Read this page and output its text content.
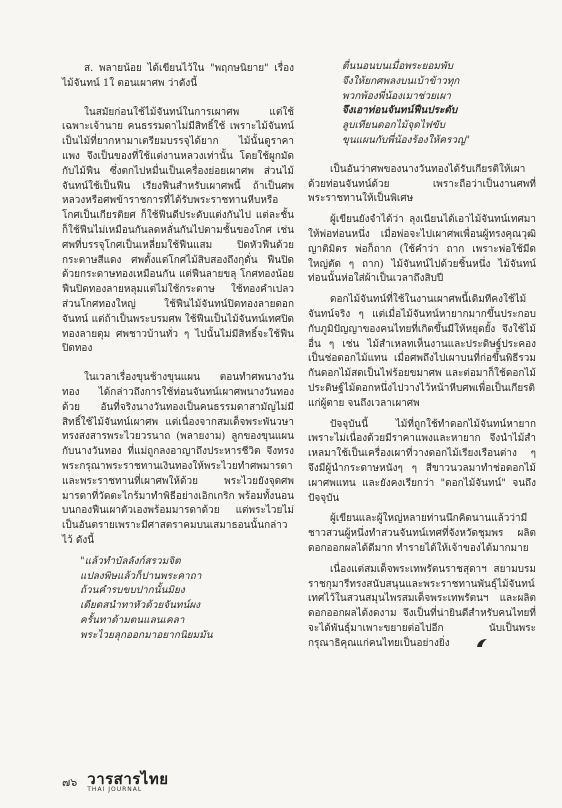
ส. พลายน้อย ได้เขียนไว้ใน "พฤกษนิยาย" เรื่อง ไม้จันทน์ 1ใ ตอนเผาศพ ว่าดังนี้

ในสมัยก่อนใช้ไม้จันทน์ในการเผาศพ แต่ใช้เฉพาะเจ้านาย คนธรรมดาไม่มีสิทธิ์ใช้ เพราะไม้จันทน์เป็นไม้ที่ยากหามาเตรียมบรรจุได้ยาก ไม้นั้นดูราคาแพง จึงเป็นของที่ใช้แต่งานหลวงเท่านั้น โดยใช้ผูกมัดกับไม้ฟืน ซึ่งตกไปหมื่นเป็นเครื่องย่อยเผาศพ ส่วนไม้จันทน์ใช้เป็นฟืน เรียงฟืนสำหรับเผาศพนี้ ถ้าเป็นศพหลวงหรือศพข้าราชการที่ได้รับพระราชทานหีบหรือโกศเป็นเกียรติยศ ก็ใช้ฟืนดีประดับแต่งกันไป แต่ละชั้นก็ใช้ฟืนไม่เหมือนกันลดหลั่นกันไปตามชั้นของโกศ เช่น ศพที่บรรจุโกศเป็นเหลี่ยมใช้ฟืนแสม ปิดหัวฟืนด้วยกระดาษสีแดง ศพตั้งแต่โกศไม้สิบสองถึงกุดั่น ฟืนปิดด้วยกระดาษทองเหมือนกัน แต่ฟืนลายขลุ โกศทองน้อย ฟืนปิดทองลายหลุมแต่ไม่ใช้กระดาษ ใช้ทองคำเปลว ส่วนโกศทองใหญ่ ใช้ฟืนไม้จันทน์ปิดทองลายดอกจันทน์ แต่ถ้าเป็นพระบรมศพ ใช้ฟืนเป็นไม้จันทน์เทศปิดทองลายดุม ศพชาวบ้านทั่ว ๆ ไปนั้นไม่มีสิทธิ์จะใช้ฟืนปิดทอง

ในเวลาเรื่องขุนช้างขุนแผน ตอนทำศพนางวันทอง ได้กล่าวถึงการใช้ท่อนจันทน์เผาศพนางวันทองด้วย อันที่จริงนางวันทองเป็นคนธรรมดาสามัญไม่มีสิทธิ์ใช้ไม้จันทน์เผาศพ แต่เนื่องจากสมเด็จพระพันวษาทรงสงสารพระไวยวรนาถ (พลายงาม) ลูกของขุนแผนกับนางวันทอง ที่แม่ถูกลงอาญาถึงประหารชีวิต จึงทรงพระกรุณาพระราชทานเงินทองให้พระไวยทำศพมารดา และพระราชทานที่เผาศพให้ด้วย พระไวยยังจุดศพมารดาที่วัดตะไกร้มาทำพิธีอย่างเอิกเกริก พร้อมทั้งนอนบนกองฟืนเผาตัวเองพร้อมมารดาด้วย แต่พระไวยไม่เป็นอันตรายเพราะมีศาสตราคมบนเสมาธอนนั้นกล่าวไว้ ดังนี้

"แล้วทำบัลลังก์สรวมจิต

แปลงพิษแล้วก็ปานพระคาถา

ถ้วนคำรบขบปากนั้นมิยง

เดียดสนำทาหัวด้วยจันทน์ผง

ครั้นทาด้ามตนแลนเคลา

พระไวยลุกออกมาอยากนิยมมัน

ตื่นนอนบนเมื่อพระยอมพับ

จึงให้ยกศพลงบนเบ้าข้าวทุก

พวกพ้องพี่น้องเมาช่วยเผา

จึงเอาท่อนจันทน์ฟืนประดับ

ลูบเทียนดอกไม้จุดไฟขับ

ขุนแผนกับพี่น้องร้องให้ครวญ"

เป็นอันว่าศพของนางวันทองได้รับเกียรติให้เผาด้วยท่อนจันทน์ด้วย เพราะถือว่าเป็นงานศพที่พระราชทานให้เป็นพิเศษ

ผู้เขียนยังจำได้ว่า ลุงเนียนได้เอาไม้จันทน์เทศมาให้พ่อท่อนหนึ่ง เมื่อพ่อจะไปเผาศพเพื่อนผู้ทรงคุณวุฒิญาติมิตร พ่อก็ถาก (ใช้คำว่า ถาก เพราะพ่อใช้มีดใหญ่ตัด ๆ ถาก) ไม้จันทน์ไปด้วยชิ้นหนึ่ง ไม้จันทน์ท่อนนั้นห่อใส่ผ้าเป็นเวลาถึงสิบปี

ดอกไม้จันทน์ที่ใช้ในงานเผาศพนี้เดิมทีคงใช้ไม้จันทน์จริง ๆ แต่เมื่อไม้จันทน์หายากมากขึ้นประกอบกับภูมิปัญญาของคนไทยที่เกิดขึ้นมีให้หยุดยั้ง จึงใช้ไม้อื่น ๆ เช่น ไม้สำเหลทเห็นงานและประดิษฐ์ประคองเป็นช่อดอกไม้แทน เมื่อศพถึงไปเผาบนที่ก่อขึ้นพิธีรวมกันดอกไม้สดเป็นไฟร้อยขมาศพ และต่อมาก็ใช้ดอกไม้ประดิษฐ์ไม้ดอกหนึ่งไปวางไว้หน้าหีบศพเพื่อเป็นเกียรติแก่ผู้ตาย จนถึงเวลาเผาศพ

ปัจจุบันนี้ ไม้ที่ถูกใช้ทำดอกไม้จันทน์หายาก เพราะไม่เนื่องด้วยมีราคาแพงและหายาก จึงนำไม้สำเหลมาใช้เป็นเครื่องเผาที่วางดอกไม้เรียงเรือนต่าง ๆ จึงมีผู้นำกระดาษหนังๆ ๆ สีขาวนวลมาทำช่อดอกไม้เผาศพแทน และยังคงเรียกว่า "ดอกไม้จันทน์" จนถึงปัจจุบัน

ผู้เขียนและผู้ใหญ่หลายท่านนึกคิดนานแล้วว่ามีชาวสวนผู้หนึ่งทำสวนจันทน์เทศที่จังหวัดชุมพร ผลิตดอกออกผลได้ดีมาก ทำรายได้ให้เจ้าของได้มากมาย

เนื่องแต่สมเด็จพระเทพรัตนราชสุดาฯ สยามบรมราชกุมารีทรงสนับสนุนและพระราชทานพันธุ์ไม้จันทน์เทศไว้ในสวนสมุนไพรสมเด็จพระเทพรัตนฯ และผลิตดอกออกผลได้งดงาม จึงเป็นที่น่ายินดีสำหรับคนไทยที่จะได้พันธุ์มาเพาะขยายต่อไปอีก นับเป็นพระกรุณาธิคุณแก่คนไทยเป็นอย่างยิ่ง

๗๖ วารสารไทย
THAI JOURNAL
